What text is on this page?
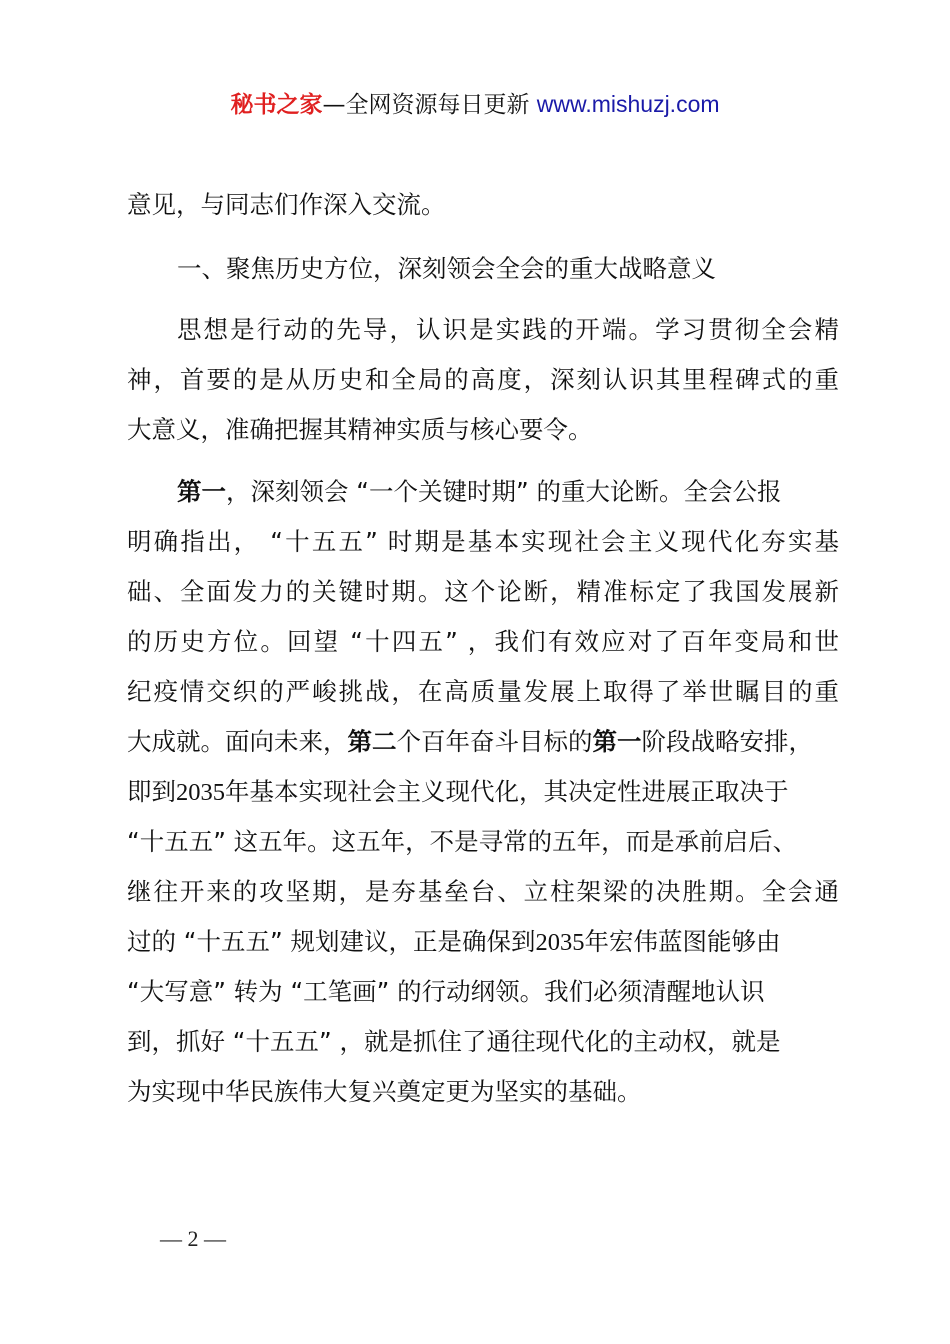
秘书之家—全网资源每日更新 www.mishuzj.com
意见，与同志们作深入交流。
一、聚焦历史方位，深刻领会全会的重大战略意义
思想是行动的先导，认识是实践的开端。学习贯彻全会精
神，首要的是从历史和全局的高度，深刻认识其里程碑式的重
大意义，准确把握其精神实质与核心要令。
第一，深刻领会 “一个关键时期” 的重大论断。全会公报
明确指出， “十五五” 时期是基本实现社会主义现代化夯实基
础、全面发力的关键时期。这个论断，精准标定了我国发展新
的历史方位。回望 “十四五” ，我们有效应对了百年变局和世
纪疫情交织的严峻挑战，在高质量发展上取得了举世瞩目的重
大成就。面向未来，第二个百年奋斗目标的第一阶段战略安排，
即到2035年基本实现社会主义现代化，其决定性进展正取决于
“十五五” 这五年。这五年，不是寻常的五年，而是承前启后、
继往开来的攻坚期，是夯基垒台、立柱架梁的决胜期。全会通
过的 “十五五” 规划建议，正是确保到2035年宏伟蓝图能够由
“大写意” 转为 “工笔画” 的行动纲领。我们必须清醒地认识
到，抓好 “十五五” ，就是抓住了通往现代化的主动权，就是
为实现中华民族伟大复兴奠定更为坚实的基础。
— 2 —
